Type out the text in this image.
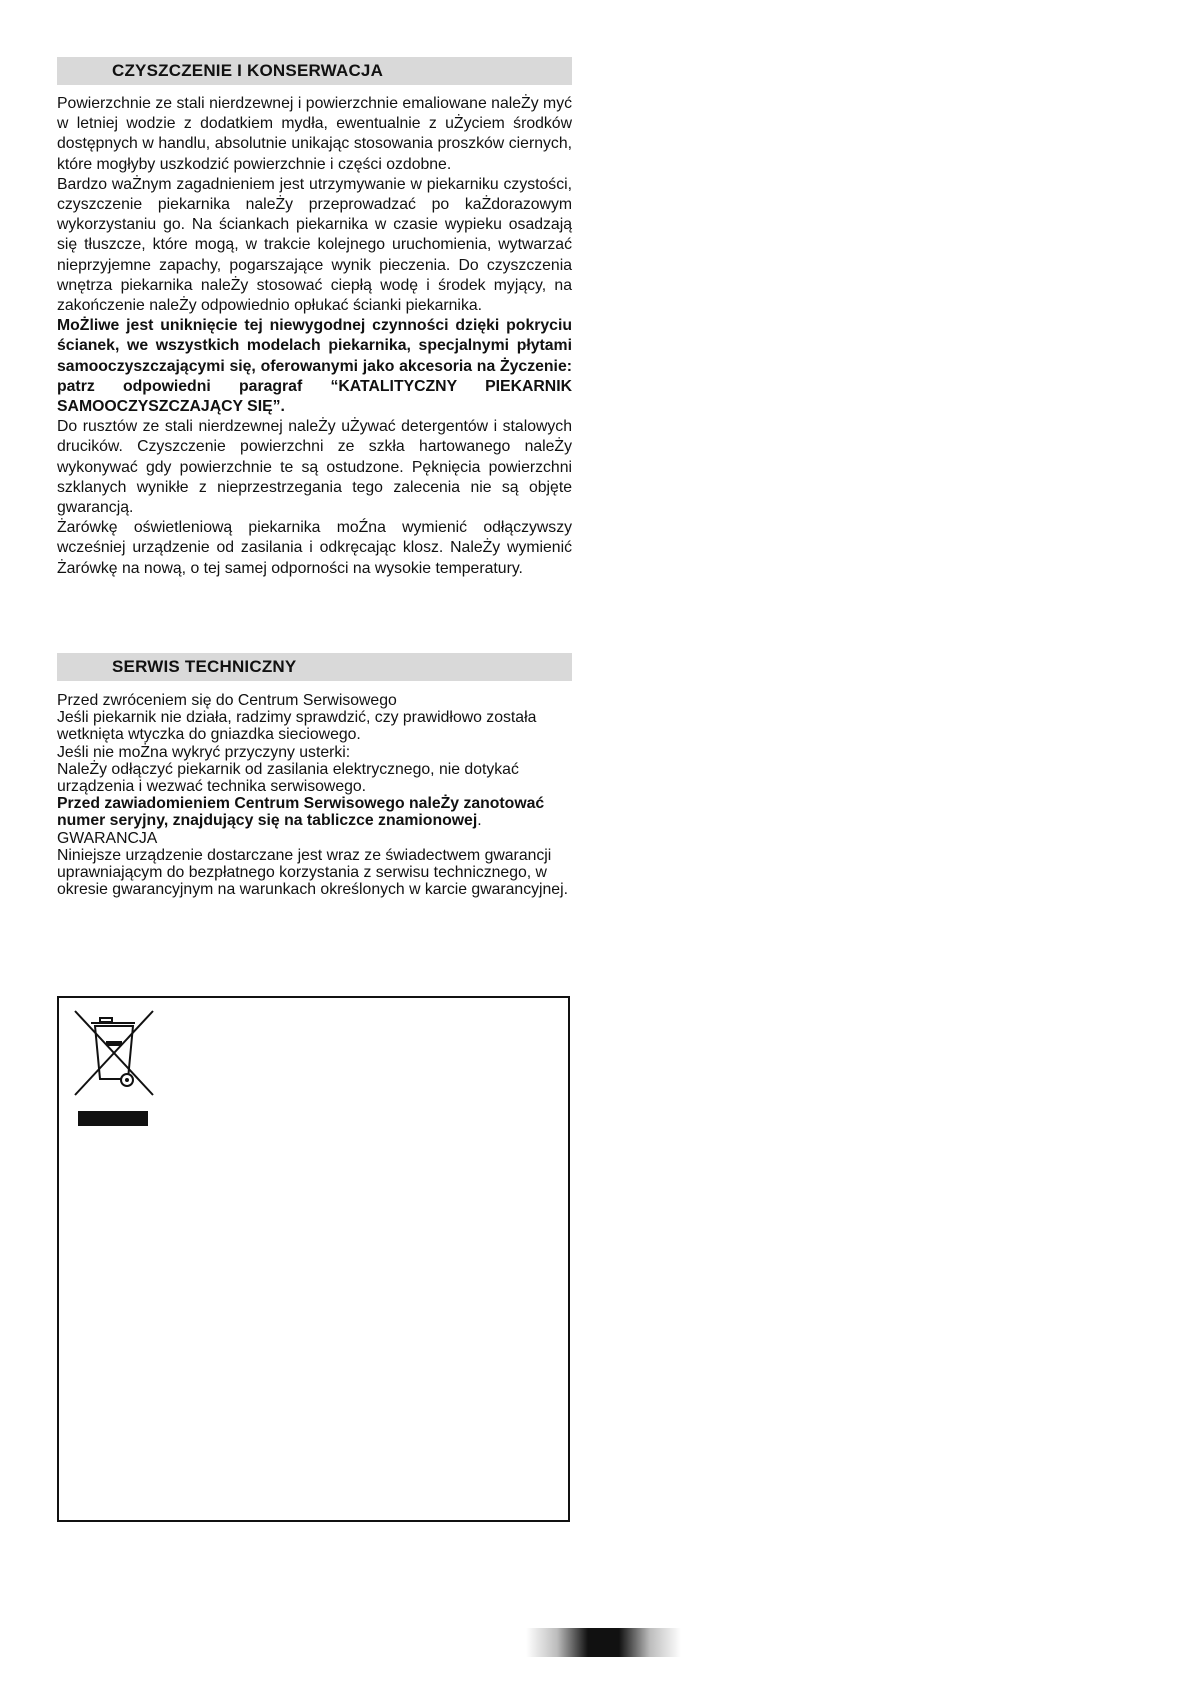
CZYSZCZENIE I KONSERWACJA

Powierzchnie ze stali nierdzewnej i powierzchnie emaliowane naleŻy myć w letniej wodzie z dodatkiem mydła, ewentualnie z uŻyciem środków dostępnych w handlu, absolutnie unikając stosowania proszków ciernych, które mogłyby uszkodzić powierzchnie i części ozdobne.

Bardzo waŻnym zagadnieniem jest utrzymywanie w piekarniku czystości, czyszczenie piekarnika naleŻy przeprowadzać po kaŻdorazowym wykorzystaniu go. Na ściankach piekarnika w czasie wypieku osadzają się tłuszcze, które mogą, w trakcie kolejnego uruchomienia, wytwarzać nieprzyjemne zapachy, pogarszające wynik pieczenia. Do czyszczenia wnętrza piekarnika naleŻy stosować ciepłą wodę i środek myjący, na zakończenie naleŻy odpowiednio opłukać ścianki piekarnika.

MoŻliwe jest uniknięcie tej niewygodnej czynności dzięki pokryciu ścianek, we wszystkich modelach piekarnika, specjalnymi płytami samooczyszczającymi się, oferowanymi jako akcesoria na Życzenie: patrz odpowiedni paragraf “KATALITYCZNY PIEKARNIK SAMOOCZYSZCZAJĄCY SIĘ”.

Do rusztów ze stali nierdzewnej naleŻy uŻywać detergentów i stalowych drucików. Czyszczenie powierzchni ze szkła hartowanego naleŻy wykonywać gdy powierzchnie te są ostudzone. Pęknięcia powierzchni szklanych wynikłe z nieprzestrzegania tego zalecenia nie są objęte gwarancją.

Żarówkę oświetleniową piekarnika moŹna wymienić odłączywszy wcześniej urządzenie od zasilania i odkręcając klosz. NaleŻy wymienić Żarówkę na nową, o tej samej odporności na wysokie temperatury.

SERWIS TECHNICZNY

Przed zwróceniem się do Centrum Serwisowego

Jeśli piekarnik nie działa, radzimy sprawdzić, czy prawidłowo została wetknięta wtyczka do gniazdka sieciowego.

Jeśli nie moŻna wykryć przyczyny usterki:

NaleŻy odłączyć piekarnik od zasilania elektrycznego, nie dotykać urządzenia i wezwać technika serwisowego.

Przed zawiadomieniem Centrum Serwisowego naleŻy zanotować numer seryjny, znajdujący się na tabliczce znamionowej.

GWARANCJA

Niniejsze urządzenie dostarczane jest wraz ze świadectwem gwarancji uprawniającym do bezpłatnego korzystania z serwisu technicznego, w okresie gwarancyjnym na warunkach określonych w karcie gwarancyjnej.
